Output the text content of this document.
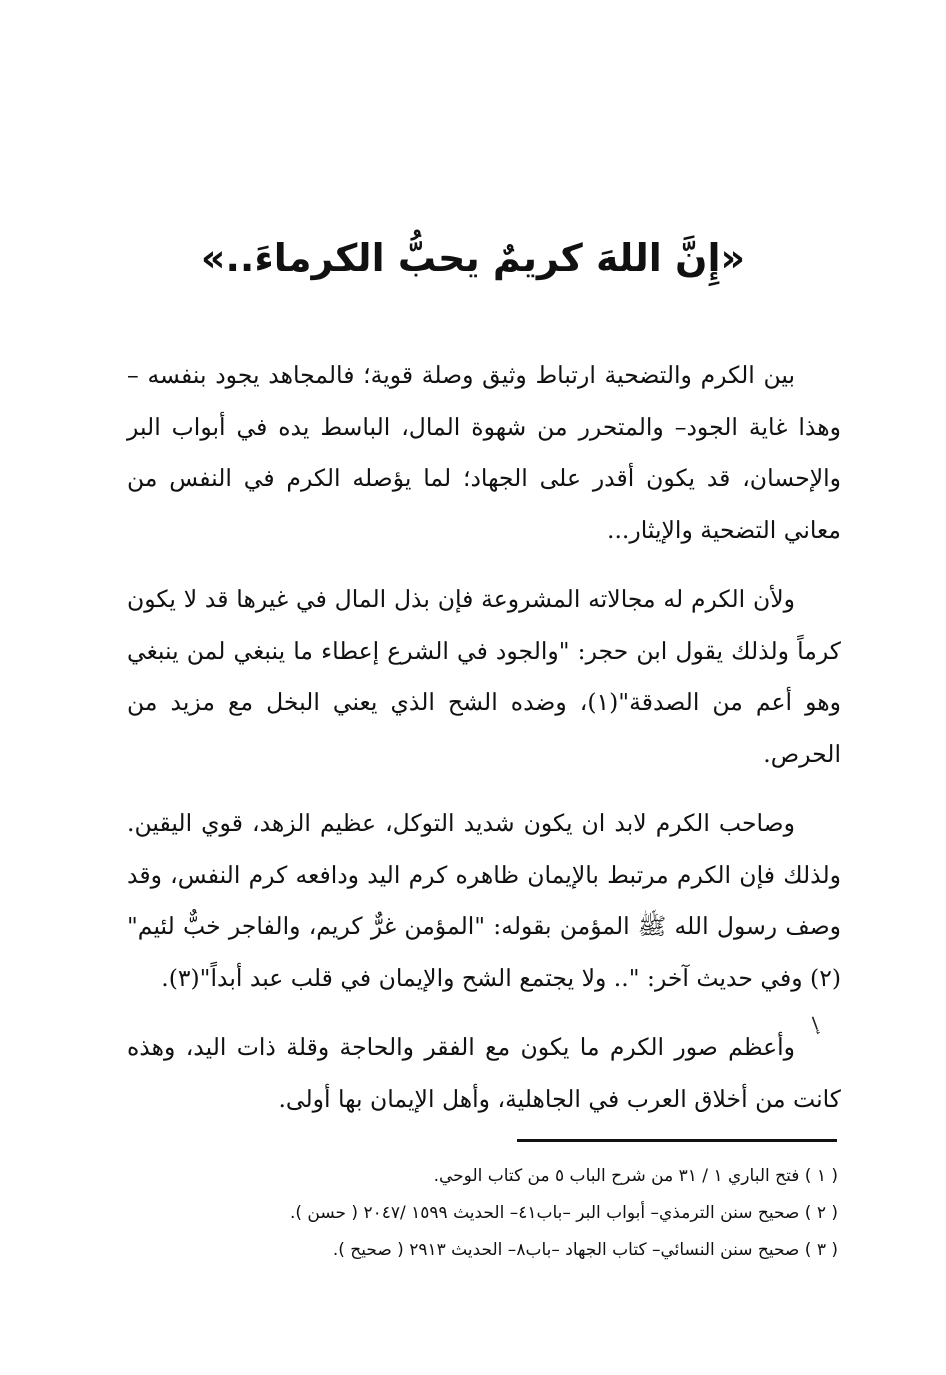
«إِنَّ اللهَ كريمٌ يحبُّ الكرماءَ..»

بين الكرم والتضحية ارتباط وثيق وصلة قوية؛ فالمجاهد يجود بنفسه –وهذا غاية الجود– والمتحرر من شهوة المال، الباسط يده في أبواب البر والإحسان، قد يكون أقدر على الجهاد؛ لما يؤصله الكرم في النفس من معاني التضحية والإيثار...

ولأن الكرم له مجالاته المشروعة فإن بذل المال في غيرها قد لا يكون كرماً ولذلك يقول ابن حجر: "والجود في الشرع إعطاء ما ينبغي لمن ينبغي وهو أعم من الصدقة"(١)، وضده الشح الذي يعني البخل مع مزيد من الحرص.

وصاحب الكرم لابد ان يكون شديد التوكل، عظيم الزهد، قوي اليقين. ولذلك فإن الكرم مرتبط بالإيمان ظاهره كرم اليد ودافعه كرم النفس، وقد وصف رسول الله ﷺ المؤمن بقوله: "المؤمن غرٌّ كريم، والفاجر خبٌّ لئيم"(٢) وفي حديث آخر: ".. ولا يجتمع الشح والإيمان في قلب عبد أبداً"(٣).

وأعظم صور الكرم ما يكون مع الفقر والحاجة وقلة ذات اليد، وهذه كانت من أخلاق العرب في الجاهلية، وأهل الإيمان بها أولى.

ﺇ

( ١ ) فتح الباري ١ / ٣١ من شرح الباب ٥ من كتاب الوحي.

( ٢ ) صحيح سنن الترمذي– أبواب البر –باب٤١– الحديث ١٥٩٩ /٢٠٤٧ ( حسن ).

( ٣ ) صحيح سنن النسائي– كتاب الجهاد –باب٨– الحديث ٢٩١٣ ( صحيح ).
